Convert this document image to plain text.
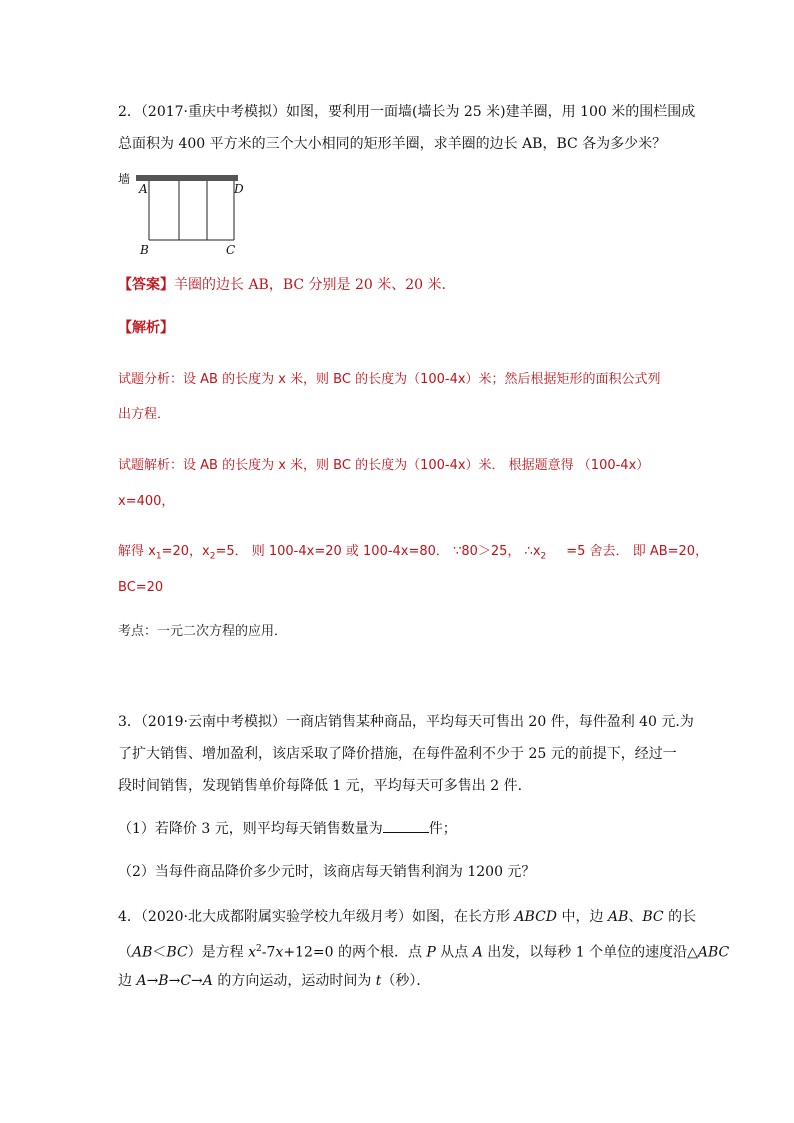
2．（2017·重庆中考模拟）如图，要利用一面墙(墙长为 25 米)建羊圈，用 100 米的围栏围成
总面积为 400 平方米的三个大小相同的矩形羊圈，求羊圈的边长 AB，BC 各为多少米？
墙
A	D
B	C
【答案】羊圈的边长 AB，BC 分别是 20 米、20 米.
【解析】
试题分析：设 AB 的长度为 x 米，则 BC 的长度为（100-4x）米；然后根据矩形的面积公式列
出方程．
试题解析：设 AB 的长度为 x 米，则 BC 的长度为（100-4x）米． 根据题意得 （100-4x）
x=400，
解得 $x_1=20$，$x_2=5$． 则 100-4x=20 或 100-4x=80． ∵80＞25， $\therefore x_2 =5$ 舍去． 即 AB=20，
BC=20
考点：一元二次方程的应用．
3．（2019·云南中考模拟）一商店销售某种商品，平均每天可售出 20 件，每件盈利 40 元.为
了扩大销售、增加盈利，该店采取了降价措施，在每件盈利不少于 25 元的前提下，经过一
段时间销售，发现销售单价每降低 1 元，平均每天可多售出 2 件.
（1）若降价 3 元，则平均每天销售数量为	件；
（2）当每件商品降价多少元时，该商店每天销售利润为 1200 元？
4．（2020·北大成都附属实验学校九年级月考）如图，在长方形 ABCD 中，边 AB、BC 的长
（AB＜BC）是方程 $x^2-7x+12=0$ 的两个根．点 P 从点 A 出发，以每秒 1 个单位的速度沿△ABC
边 A→B→C→A 的方向运动，运动时间为 t（秒）．
